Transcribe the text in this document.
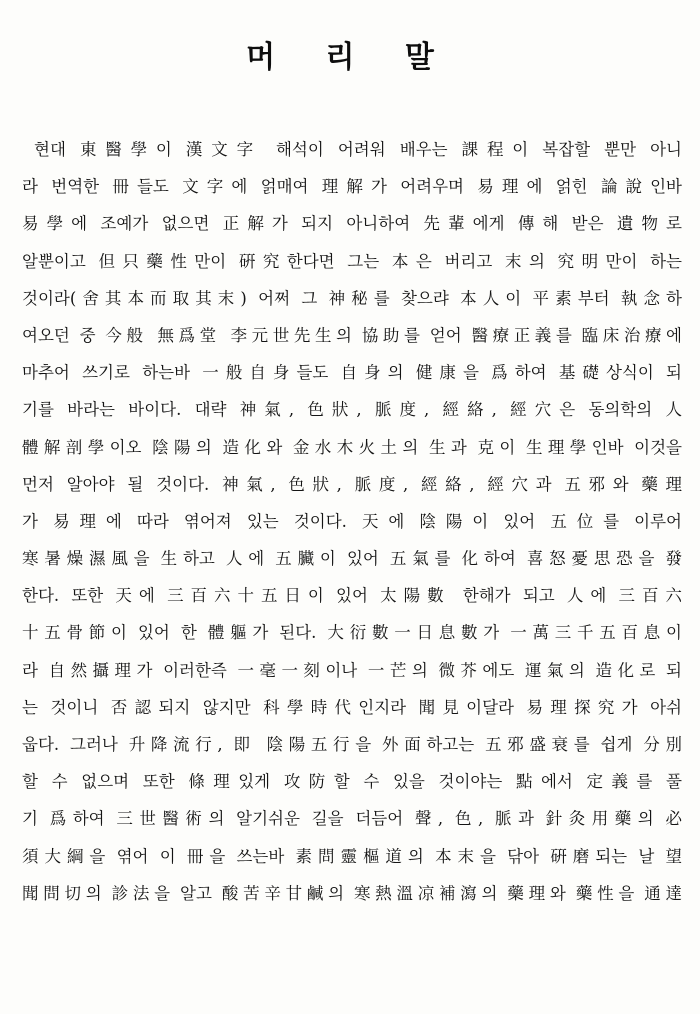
머 리 말
현대 東醫學이 漢文字 해석이 어려워 배우는 課程이 복잡할 뿐만 아니
라 번역한 冊들도 文字에 얽매여 理解가 어려우며 易理에 얽힌 論說인바
易學에 조예가 없으면 正解가 되지 아니하여 先輩에게 傳해 받은 遺物로
알뿐이고 但只藥性만이 硏究한다면 그는 本은 버리고 末의 究明만이 하는
것이라(舍其本而取其末) 어쩌 그 神秘를 찾으랴 本人이 平素부터 執念하
여오던 중 今般 無爲堂 李元世先生의 協助를 얻어 醫療正義를 臨床治療에
마추어 쓰기로 하는바 一般自身들도 自身의 健康을 爲하여 基礎상식이 되
기를 바라는 바이다. 대략 神氣, 色狀, 脈度, 經絡, 經穴은 동의학의 人
體解剖學이오 陰陽의 造化와 金水木火土의 生과 克이 生理學인바 이것을
먼저 알아야 될 것이다. 神氣, 色狀, 脈度, 經絡, 經穴과 五邪와 藥理
가 易理에 따라 엮어져 있는 것이다. 天에 陰陽이 있어 五位를 이루어
寒暑燥濕風을 生하고 人에 五臟이 있어 五氣를 化하여 喜怒憂思恐을 發
한다. 또한 天에 三百六十五日이 있어 太陽數 한해가 되고 人에 三百六
十五骨節이 있어 한 體軀가 된다. 大衍數一日息數가 一萬三千五百息이
라 自然攝理가 이러한즉 一毫一刻이나 一芒의 微芥에도 運氣의 造化로 되
는 것이니 否認되지 않지만 科學時代인지라 聞見이달라 易理探究가 아쉬
웁다. 그러나 升降流行, 即 陰陽五行을 外面하고는 五邪盛衰를 쉽게 分別
할 수 없으며 또한 條理있게 攻防할 수 있을 것이야는 點에서 定義를 풀
기 爲하여 三世醫術의 알기쉬운 길을 더듬어 聲, 色, 脈과 針灸用藥의 必
須大綱을 엮어 이 冊을 쓰는바 素問靈樞道의 本末을 닦아 硏磨되는 날 望
聞問切의 診法을 알고 酸苦辛甘鹹의 寒熱溫凉補瀉의 藥理와 藥性을 通達
